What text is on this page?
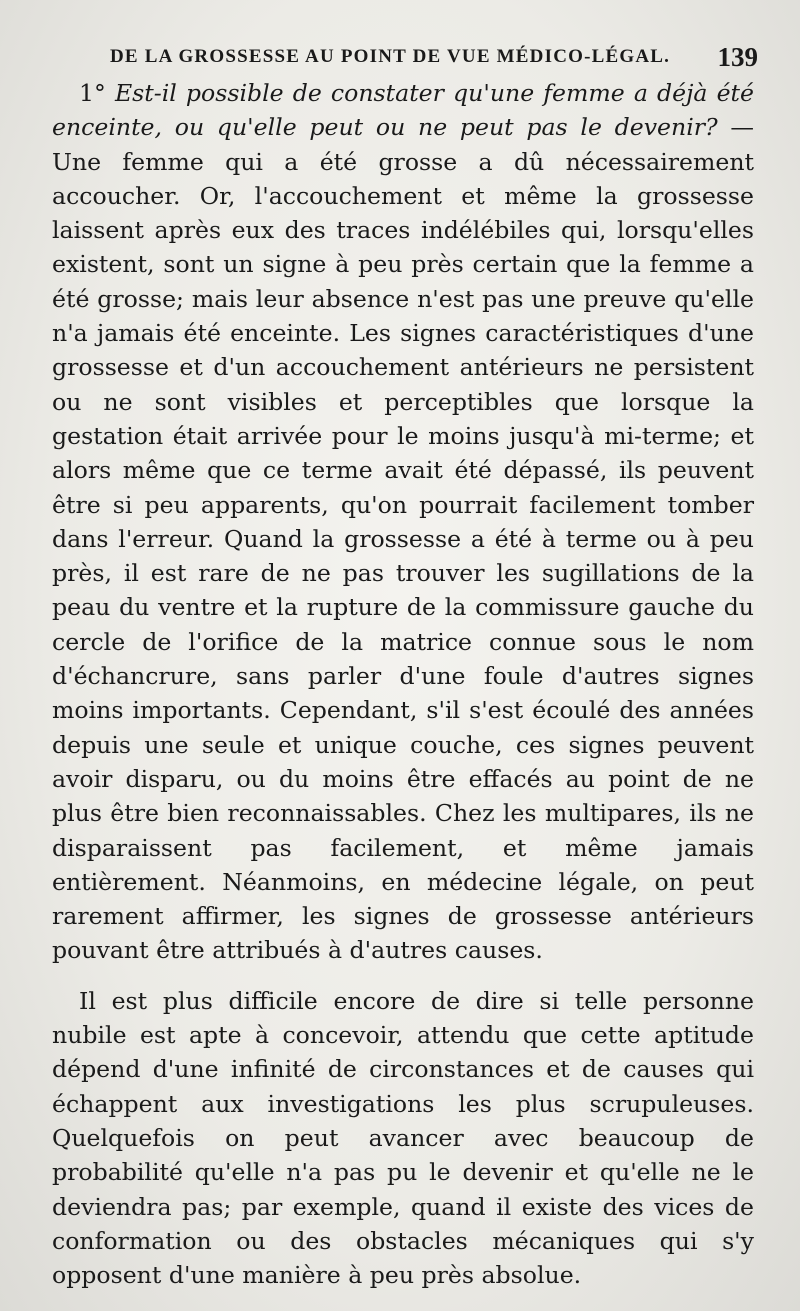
DE LA GROSSESSE AU POINT DE VUE MÉDICO-LÉGAL. 139

1° Est-il possible de constater qu'une femme a déjà été enceinte, ou qu'elle peut ou ne peut pas le devenir? — Une femme qui a été grosse a dû nécessairement accoucher. Or, l'accouchement et même la grossesse laissent après eux des traces indélébiles qui, lorsqu'elles existent, sont un signe à peu près certain que la femme a été grosse; mais leur absence n'est pas une preuve qu'elle n'a jamais été enceinte. Les signes caractéristiques d'une grossesse et d'un accouchement antérieurs ne persistent ou ne sont visibles et perceptibles que lorsque la gestation était arrivée pour le moins jusqu'à mi-terme; et alors même que ce terme avait été dépassé, ils peuvent être si peu apparents, qu'on pourrait facilement tomber dans l'erreur. Quand la grossesse a été à terme ou à peu près, il est rare de ne pas trouver les sugillations de la peau du ventre et la rupture de la commissure gauche du cercle de l'orifice de la matrice connue sous le nom d'échancrure, sans parler d'une foule d'autres signes moins importants. Cependant, s'il s'est écoulé des années depuis une seule et unique couche, ces signes peuvent avoir disparu, ou du moins être effacés au point de ne plus être bien reconnaissables. Chez les multipares, ils ne disparaissent pas facilement, et même jamais entièrement. Néanmoins, en médecine légale, on peut rarement affirmer, les signes de grossesse antérieurs pouvant être attribués à d'autres causes.

Il est plus difficile encore de dire si telle personne nubile est apte à concevoir, attendu que cette aptitude dépend d'une infinité de circonstances et de causes qui échappent aux investigations les plus scrupuleuses. Quelquefois on peut avancer avec beaucoup de probabilité qu'elle n'a pas pu le devenir et qu'elle ne le deviendra pas; par exemple, quand il existe des vices de conformation ou des obstacles mécaniques qui s'y opposent d'une manière à peu près absolue.
